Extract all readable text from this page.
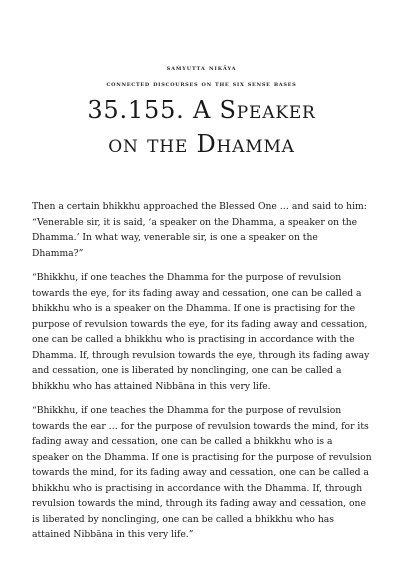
saṁyutta nikāya
connected discourses on the six sense bases
35.155. A Speaker
on the Dhamma

Then a certain bhikkhu approached the Blessed One … and said to him: “Venerable sir, it is said, ‘a speaker on the Dhamma, a speaker on the Dhamma.’ In what way, venerable sir, is one a speaker on the Dhamma?”

“Bhikkhu, if one teaches the Dhamma for the purpose of revulsion towards the eye, for its fading away and cessation, one can be called a bhikkhu who is a speaker on the Dhamma. If one is practising for the purpose of revulsion towards the eye, for its fading away and cessation, one can be called a bhikkhu who is practising in accordance with the Dhamma. If, through revulsion towards the eye, through its fading away and cessation, one is liberated by nonclinging, one can be called a bhikkhu who has attained Nibbāna in this very life.

“Bhikkhu, if one teaches the Dhamma for the purpose of revulsion towards the ear … for the purpose of revulsion towards the mind, for its fading away and cessation, one can be called a bhikkhu who is a speaker on the Dhamma. If one is practising for the purpose of revulsion towards the mind, for its fading away and cessation, one can be called a bhikkhu who is practising in accordance with the Dhamma. If, through revulsion towards the mind, through its fading away and cessation, one is liberated by nonclinging, one can be called a bhikkhu who has attained Nibbāna in this very life.”
